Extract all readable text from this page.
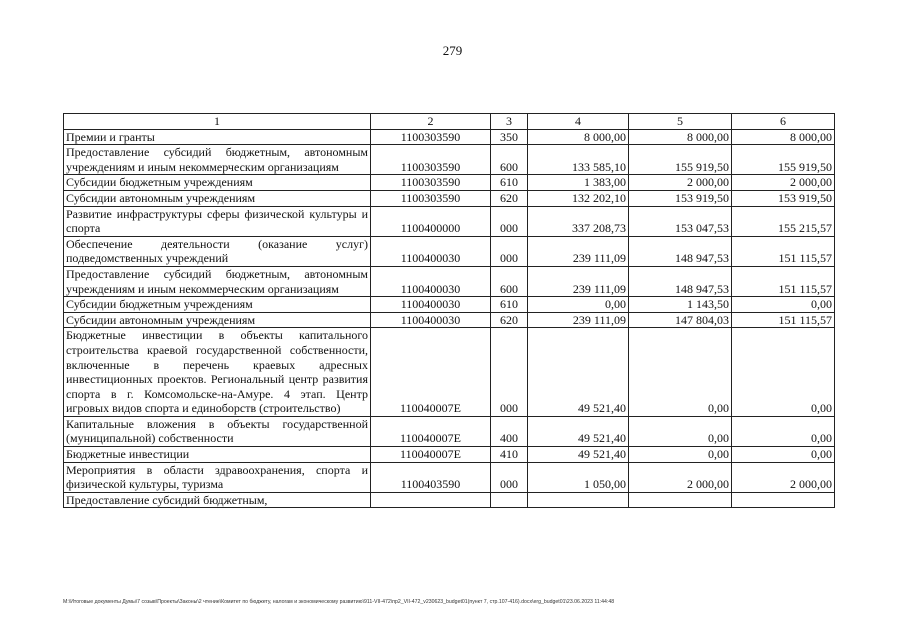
279
1	2	3	4	5	6
Премии и гранты	1100303590	350	8 000,00	8 000,00	8 000,00
Предоставление субсидий бюджетным, автономным учреждениям и иным некоммерческим организациям	1100303590	600	133 585,10	155 919,50	155 919,50
Субсидии бюджетным учреждениям	1100303590	610	1 383,00	2 000,00	2 000,00
Субсидии автономным учреждениям	1100303590	620	132 202,10	153 919,50	153 919,50
Развитие инфраструктуры сферы физической культуры и спорта	1100400000	000	337 208,73	153 047,53	155 215,57
Обеспечение деятельности (оказание услуг) подведомственных учреждений	1100400030	000	239 111,09	148 947,53	151 115,57
Предоставление субсидий бюджетным, автономным учреждениям и иным некоммерческим организациям	1100400030	600	239 111,09	148 947,53	151 115,57
Субсидии бюджетным учреждениям	1100400030	610	0,00	1 143,50	0,00
Субсидии автономным учреждениям	1100400030	620	239 111,09	147 804,03	151 115,57
Бюджетные инвестиции в объекты капитального строительства краевой государственной собственности, включенные в перечень краевых адресных инвестиционных проектов. Региональный центр развития спорта в г. Комсомольске-на-Амуре. 4 этап. Центр игровых видов спорта и единоборств (строительство)	110040007E	000	49 521,40	0,00	0,00
Капитальные вложения в объекты государственной (муниципальной) собственности	110040007E	400	49 521,40	0,00	0,00
Бюджетные инвестиции	110040007E	410	49 521,40	0,00	0,00
Мероприятия в области здравоохранения, спорта и физической культуры, туризма	1100403590	000	1 050,00	2 000,00	2 000,00
Предоставление субсидий бюджетным,					
M:\Итоговые документы Думы\7 созыв\Проекты\Законы\2 чтение\Комитет по бюджету, налогам и экономическому развитию\911-VII-472\пр2_VII-472_v230623_budget01(пункт 7, стр.107-416).docx\erg_budget01\23.06.2023 11:44:48
